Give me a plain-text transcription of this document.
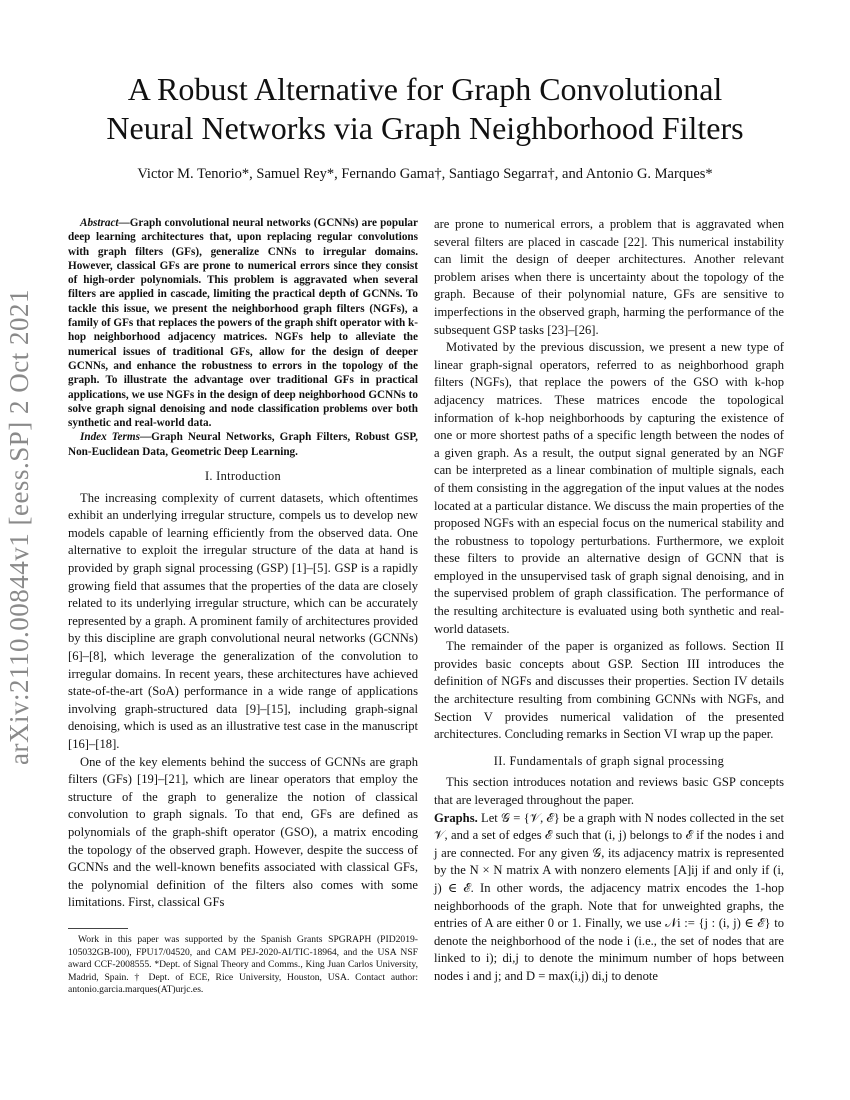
arXiv:2110.00844v1 [eess.SP] 2 Oct 2021
A Robust Alternative for Graph Convolutional
Neural Networks via Graph Neighborhood Filters
Victor M. Tenorio*, Samuel Rey*, Fernando Gama†, Santiago Segarra†, and Antonio G. Marques*

Abstract—Graph convolutional neural networks (GCNNs) are popular deep learning architectures that, upon replacing regular convolutions with graph filters (GFs), generalize CNNs to irregular domains. However, classical GFs are prone to numerical errors since they consist of high-order polynomials. This problem is aggravated when several filters are applied in cascade, limiting the practical depth of GCNNs. To tackle this issue, we present the neighborhood graph filters (NGFs), a family of GFs that replaces the powers of the graph shift operator with k-hop neighborhood adjacency matrices. NGFs help to alleviate the numerical issues of traditional GFs, allow for the design of deeper GCNNs, and enhance the robustness to errors in the topology of the graph. To illustrate the advantage over traditional GFs in practical applications, we use NGFs in the design of deep neighborhood GCNNs to solve graph signal denoising and node classification problems over both synthetic and real-world data.

Index Terms—Graph Neural Networks, Graph Filters, Robust GSP, Non-Euclidean Data, Geometric Deep Learning.

I. Introduction

The increasing complexity of current datasets, which oftentimes exhibit an underlying irregular structure, compels us to develop new models capable of learning efficiently from the observed data. One alternative to exploit the irregular structure of the data at hand is provided by graph signal processing (GSP) [1]–[5]. GSP is a rapidly growing field that assumes that the properties of the data are closely related to its underlying irregular structure, which can be accurately represented by a graph. A prominent family of architectures provided by this discipline are graph convolutional neural networks (GCNNs) [6]–[8], which leverage the generalization of the convolution to irregular domains. In recent years, these architectures have achieved state-of-the-art (SoA) performance in a wide range of applications involving graph-structured data [9]–[15], including graph-signal denoising, which is used as an illustrative test case in the manuscript [16]–[18].

One of the key elements behind the success of GCNNs are graph filters (GFs) [19]–[21], which are linear operators that employ the structure of the graph to generalize the notion of classical convolution to graph signals. To that end, GFs are defined as polynomials of the graph-shift operator (GSO), a matrix encoding the topology of the observed graph. However, despite the success of GCNNs and the well-known benefits associated with classical GFs, the polynomial definition of the filters also comes with some limitations. First, classical GFs

Work in this paper was supported by the Spanish Grants SPGRAPH (PID2019-105032GB-I00), FPU17/04520, and CAM PEJ-2020-AI/TIC-18964, and the USA NSF award CCF-2008555. *Dept. of Signal Theory and Comms., King Juan Carlos University, Madrid, Spain. † Dept. of ECE, Rice University, Houston, USA. Contact author: antonio.garcia.marques(AT)urjc.es.

are prone to numerical errors, a problem that is aggravated when several filters are placed in cascade [22]. This numerical instability can limit the design of deeper architectures. Another relevant problem arises when there is uncertainty about the topology of the graph. Because of their polynomial nature, GFs are sensitive to imperfections in the observed graph, harming the performance of the subsequent GSP tasks [23]–[26].

Motivated by the previous discussion, we present a new type of linear graph-signal operators, referred to as neighborhood graph filters (NGFs), that replace the powers of the GSO with k-hop adjacency matrices. These matrices encode the topological information of k-hop neighborhoods by capturing the existence of one or more shortest paths of a specific length between the nodes of a given graph. As a result, the output signal generated by an NGF can be interpreted as a linear combination of multiple signals, each of them consisting in the aggregation of the input values at the nodes located at a particular distance. We discuss the main properties of the proposed NGFs with an especial focus on the numerical stability and the robustness to topology perturbations. Furthermore, we exploit these filters to provide an alternative design of GCNN that is employed in the unsupervised task of graph signal denoising, and in the supervised problem of graph classification. The performance of the resulting architecture is evaluated using both synthetic and real-world datasets.

The remainder of the paper is organized as follows. Section II provides basic concepts about GSP. Section III introduces the definition of NGFs and discusses their properties. Section IV details the architecture resulting from combining GCNNs with NGFs, and Section V provides numerical validation of the presented architectures. Concluding remarks in Section VI wrap up the paper.

II. Fundamentals of graph signal processing

This section introduces notation and reviews basic GSP concepts that are leveraged throughout the paper.

Graphs. Let 𝒢 = {𝒱, ℰ} be a graph with N nodes collected in the set 𝒱, and a set of edges ℰ such that (i, j) belongs to ℰ if the nodes i and j are connected. For any given 𝒢, its adjacency matrix is represented by the N × N matrix A with nonzero elements [A]ij if and only if (i, j) ∈ ℰ. In other words, the adjacency matrix encodes the 1-hop neighborhoods of the graph. Note that for unweighted graphs, the entries of A are either 0 or 1. Finally, we use 𝒩i := {j : (i, j) ∈ ℰ} to denote the neighborhood of the node i (i.e., the set of nodes that are linked to i); di,j to denote the minimum number of hops between nodes i and j; and D = max(i,j) di,j to denote
